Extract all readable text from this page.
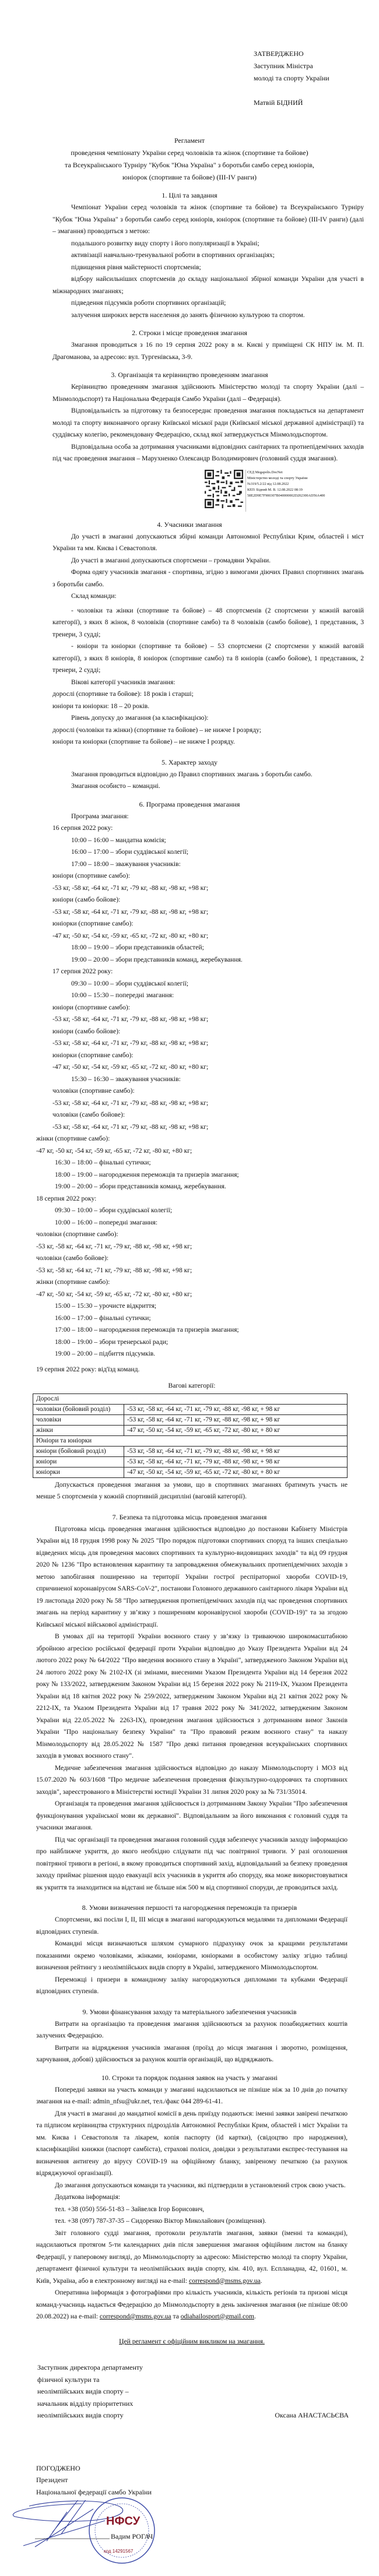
ЗАТВЕРДЖЕНО
Заступник Міністра
молоді та спорту України
Матвій БІДНИЙ
Регламент
проведення чемпіонату України серед чоловіків та жінок (спортивне та бойове)
та Всеукраїнського Турніру "Кубок "Юна Україна" з боротьби самбо серед юніорів,
юніорок (спортивне та бойове) (III-IV ранги)
1. Цілі та завдання
Чемпіонат України серед чоловіків та жінок (спортивне та бойове) та Всеукраїнського Турніру "Кубок "Юна Україна" з боротьби самбо серед юніорів, юніорок (спортивне та бойове) (III-IV ранги) (далі – змагання) проводиться з метою:
подальшого розвитку виду спорту і його популяризації в Україні;
активізації навчально-тренувальної роботи в спортивних організаціях;
підвищення рівня майстерності спортсменів;
відбору найсильніших спортсменів до складу національної збірної команди України для участі в міжнародних змаганнях;
підведення підсумків роботи спортивних організацій;
залучення широких верств населення до занять фізичною культурою та спортом.
2. Строки і місце проведення змагання
Змагання проводиться з 16 по 19 серпня 2022 року в м. Києві у приміщені СК НПУ ім. М. П. Драгоманова, за адресою: вул. Тургенівська, 3-9.
3. Організація та керівництво проведенням змагання
Керівництво проведенням змагання здійснюють Міністерство молоді та спорту України (далі – Мінмолодьспорт) та Національна Федерація Самбо України (далі – Федерація).
Відповідальність за підготовку та безпосереднє проведення змагання покладається на департамент молоді та спорту виконавчого органу Київської міської ради (Київської міської державної адміністрації) та суддівську колегію, рекомендовану Федерацією, склад якої затверджується Мінмолодьспортом.
Відповідальна особа за дотримання учасниками відповідних санітарних та протиепідемічних заходів під час проведення змагання – Марухненко Олександр Володимирович (головний суддя змагання).
СЕД Megapolis.DocNet
Міністерство молоді та спорту України
№319/5.2/22 від 12.08.2022
КЕП: Бідний М. В. 12.08.2022 08:19
58E2D9E7F900307B040000002D202300AD56A400
4. Учасники змагання
До участі в змаганні допускаються збірні команди Автономної Республіки Крим, областей і міст України та мм. Києва і Севастополя.
До участі в змаганні допускаються спортсмени – громадяни України.
Форма одягу учасників змагання - спортивна, згідно з вимогами діючих Правил спортивних змагань з боротьби самбо.
Склад команди:
- чоловіки та жінки (спортивне та бойове) – 48 спортсменів (2 спортсмени у кожній ваговій категорії), з яких 8 жінок, 8 чоловіків (спортивне самбо) та 8 чоловіків (самбо бойове), 1 представник, 3 тренери, 3 судді;
- юніори та юніорки (спортивне та бойове) – 53 спортсмени (2 спортсмени у кожній ваговій категорії), з яких 8 юніорів, 8 юніорок (спортивне самбо) та 8 юніорів (самбо бойове), 1 представник, 2 тренери, 2 судді;
Вікові категорії учасників змагання:
дорослі (спортивне та бойове): 18 років і старші;
юніори та юніорки: 18 – 20 років.
Рівень допуску до змагання (за класифікацією):
дорослі (чоловіки та жінки) (спортивне та бойове) – не нижче I розряду;
юніори та юніорки (спортивне та бойове) – не нижче I розряду.
5. Характер заходу
Змагання проводиться відповідно до Правил спортивних змагань з боротьби самбо.
Змагання особисто – командні.
6. Програма проведення змагання
Програма змагання:
16 серпня 2022 року:
10:00 – 16:00 – мандатна комісія;
16:00 – 17:00 – збори суддівської колегії;
17:00 – 18:00 – зважування учасників:
юніори (спортивне самбо):
-53 кг, -58 кг, -64 кг, -71 кг, -79 кг, -88 кг, -98 кг, +98 кг;
юніори (самбо бойове):
-53 кг, -58 кг, -64 кг, -71 кг, -79 кг, -88 кг, -98 кг, +98 кг;
юніорки (спортивне самбо):
-47 кг, -50 кг, -54 кг, -59 кг, -65 кг, -72 кг, -80 кг, +80 кг;
18:00 – 19:00 – збори представників областей;
19:00 – 20:00 – збори представників команд, жеребкування.
17 серпня 2022 року:
09:30 – 10:00 – збори суддівської колегії;
10:00 – 15:30 – попередні змагання:
юніори (спортивне самбо):
-53 кг, -58 кг, -64 кг, -71 кг, -79 кг, -88 кг, -98 кг, +98 кг;
юніори (самбо бойове):
-53 кг, -58 кг, -64 кг, -71 кг, -79 кг, -88 кг, -98 кг, +98 кг;
юніорки (спортивне самбо):
-47 кг, -50 кг, -54 кг, -59 кг, -65 кг, -72 кг, -80 кг, +80 кг;
15:30 – 16:30 – зважування учасників:
чоловіки (спортивне самбо):
-53 кг, -58 кг, -64 кг, -71 кг, -79 кг, -88 кг, -98 кг, +98 кг;
чоловіки (самбо бойове):
-53 кг, -58 кг, -64 кг, -71 кг, -79 кг, -88 кг, -98 кг, +98 кг;
жінки (спортивне самбо):
-47 кг, -50 кг, -54 кг, -59 кг, -65 кг, -72 кг, -80 кг, +80 кг;
16:30 – 18:00 – фінальні сутички;
18:00 – 19:00 – нагородження переможців та призерів змагання;
19:00 – 20:00 – збори представників команд, жеребкування.
18 серпня 2022 року:
09:30 – 10:00 – збори суддівської колегії;
10:00 – 16:00 – попередні змагання:
чоловіки (спортивне самбо):
-53 кг, -58 кг, -64 кг, -71 кг, -79 кг, -88 кг, -98 кг, +98 кг;
чоловіки (самбо бойове):
-53 кг, -58 кг, -64 кг, -71 кг, -79 кг, -88 кг, -98 кг, +98 кг;
жінки (спортивне самбо):
-47 кг, -50 кг, -54 кг, -59 кг, -65 кг, -72 кг, -80 кг, +80 кг;
15:00 – 15:30 – урочисте відкриття;
16:00 – 17:00 – фінальні сутички;
17:00 – 18:00 – нагородження переможців та призерів змагання;
18:00 – 19:00 – збори тренерської ради;
19:00 – 20:00 – підбиття підсумків.
19 серпня 2022 року: від'їзд команд.
Вагові категорії:
Дорослі	
чоловіки (бойовий розділ)	-53 кг, -58 кг, -64 кг, -71 кг, -79 кг, -88 кг, -98 кг, + 98 кг
чоловіки	-53 кг, -58 кг, -64 кг, -71 кг, -79 кг, -88 кг, -98 кг, + 98 кг
жінки	-47 кг, -50 кг, -54 кг, -59 кг, -65 кг, -72 кг, -80 кг, + 80 кг
Юніори та юніорки	
юніори (бойовий розділ)	-53 кг, -58 кг, -64 кг, -71 кг, -79 кг, -88 кг, -98 кг, + 98 кг
юніори	-53 кг, -58 кг, -64 кг, -71 кг, -79 кг, -88 кг, -98 кг, + 98 кг
юніорки	-47 кг, -50 кг, -54 кг, -59 кг, -65 кг, -72 кг, -80 кг, + 80 кг
Допускається проведення змагання за умови, що в спортивних змаганнях братимуть участь не менше 5 спортсменів у кожній спортивній дисципліні (ваговій категорії).
7. Безпека та підготовка місць проведення змагання
Підготовка місць проведення змагання здійснюється відповідно до постанови Кабінету Міністрів України від 18 грудня 1998 року № 2025 "Про порядок підготовки спортивних споруд та інших спеціально відведених місць для проведення масових спортивних та культурно-видовищних заходів" та від 09 грудня 2020 № 1236 "Про встановлення карантину та запровадження обмежувальних протиепідемічних заходів з метою запобігання поширенню на території України гострої респіраторної хвороби COVID-19, спричиненої коронавірусом SARS-CoV-2", постанови Головного державного санітарного лікаря України від 19 листопада 2020 року № 58 "Про затвердження протиепідемічних заходів під час проведення спортивних змагань на період карантину у зв’язку з поширенням коронавірусної хвороби (COVID-19)" та за згодою Київської міської військової адміністрації.
В умовах дії на території України воєнного стану у зв’язку із триваючою широкомасштабною збройною агресією російської федерації проти України відповідно до Указу Президента України від 24 лютого 2022 року № 64/2022 "Про введення воєнного стану в Україні", затвердженого Законом України від 24 лютого 2022 року № 2102-IX (зі змінами, внесеними Указом Президента України від 14 березня 2022 року № 133/2022, затвердженим Законом України від 15 березня 2022 року № 2119-IX, Указом Президента України від 18 квітня 2022 року № 259/2022, затвердженим Законом України від 21 квітня 2022 року № 2212-IX, та Указом Президента України від 17 травня 2022 року № 341/2022, затвердженим Законом України від 22.05.2022 № 2263-IX), проведення змагання здійснюється з дотриманням вимог Законів України "Про національну безпеку України" та "Про правовий режим воєнного стану" та наказу Мінмолодьспорту від 28.05.2022 № 1587 "Про деякі питання проведення всеукраїнських спортивних заходів в умовах воєнного стану".
Медичне забезпечення змагання здійснюється відповідно до наказу Мінмолодьспорту і МОЗ від 15.07.2020 № 603/1608 "Про медичне забезпечення проведення фізкультурно-оздоровчих та спортивних заходів", зареєстрованого в Міністерстві юстиції України 31 липня 2020 року за № 731/35014.
Організація та проведення змагання здійснюється із дотриманням Закону України "Про забезпечення функціонування української мови як державної". Відповідальним за його виконання є головний суддя та учасники змагання.
Під час організації та проведення змагання головний суддя забезпечує учасників заходу інформацією про найближче укриття, до якого необхідно слідувати під час повітряної тривоги. У разі оголошення повітряної тривоги в регіоні, в якому проводиться спортивний захід, відповідальний за безпеку проведення заходу приймає рішення щодо евакуації всіх учасників в укриття або споруду, яка може використовуватися як укриття та знаходитися на відстані не більше ніж 500 м від спортивної споруди, де проводиться захід.
8. Умови визначення першості та нагородження переможців та призерів
Спортсмени, які посіли I, II, III місця в змаганні нагороджуються медалями та дипломами Федерації відповідних ступенів.
Командні місця визначаються шляхом сумарного підрахунку очок за кращими результатами показаними окремо чоловіками, жінками, юніорами, юніорками в особистому заліку згідно таблиці визначення рейтингу з неолімпійських видів спорту в Україні, затвердженого Мінмолодьспортом.
Переможці і призери в командному заліку нагороджуються дипломами та кубками Федерації відповідних ступенів.
9. Умови фінансування заходу та матеріального забезпечення учасників
Витрати на організацію та проведення змагання здійснюються за рахунок позабюджетних коштів залучених Федерацією.
Витрати на відрядження учасників змагання (проїзд до місця змагання і зворотно, розміщення, харчування, добові) здійснюється за рахунок коштів організацій, що відряджають.
10. Строки та порядок подання заявок на участь у змаганні
Попередні заявки на участь команди у змаганні надсилаються не пізніше ніж за 10 днів до початку змагання на e-mail: admin_nfsu@ukr.net, тел./факс 044 289-61-41.
Для участі в змаганні до мандатної комісії в день приїзду подаються: іменні заявки завірені печаткою та підписом керівництва структурних підрозділів Автономної Республіки Крим, областей і міст України та мм. Києва і Севастополя та лікарем, копія паспорту (id картки), (свідоцтво про народження), класифікаційні книжки (паспорт самбіста), страхові поліси, довідки з результатами експрес-тестування на визначення антигену до вірусу COVID-19 на офіційному бланку, завіреному печаткою (за рахунок відряджуючої організації).
До змагання допускаються команди та учасники, які підтвердили в установлений строк свою участь.
Додаткова інформація:
тел. +38 (050) 556-51-83 – Зайвелєв Ігор Борисович,
тел. +38 (097) 787-37-35 – Сидоренко Віктор Миколайович (розміщення).
Звіт головного судді змагання, протоколи результатів змагання, заявки (іменні та командні), надсилаються протягом 5-ти календарних днів після завершення змагання офіційним листом на бланку Федерації, у паперовому вигляді, до Мінмолодьспорту за адресою: Міністерство молоді та спорту України, департамент фізичної культури та неолімпійських видів спорту, кім. 410, вул. Еспланадна, 42, 01601, м. Київ, Україна, або в електронному вигляді на e-mail: correspond@msms.gov.ua.
Оперативна інформація з фотографіями про кількість учасників, кількість регіонів та призові місця команд-учасниць надається Федерацією до Мінмолодьспорту в день закінчення змагання (не пізніше 08:00 20.08.2022) на e-mail: correspond@msms.gov.ua та odiahailosport@gmail.com.
Цей регламент є офіційним викликом на змагання.
Заступник директора департаменту
фізичної культури та
неолімпійських видів спорту –
начальник відділу пріоритетних
неолімпійських видів спорту	Оксана АНАСТАСЬЄВА
ПОГОДЖЕНО
Президент
Національної федерації самбо України
НФСУ
код 14291567
Вадим РОГАЧ
